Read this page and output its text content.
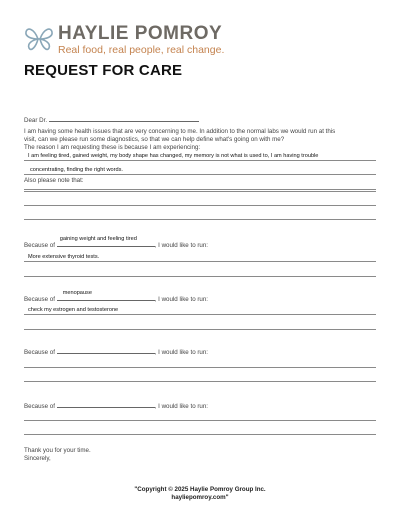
HAYLIE POMROY
Real food, real people, real change.
REQUEST FOR CARE
Dear Dr.
I am having some health issues that are very concerning to me. In addition to the normal labs we would run at this
visit, can we please run some diagnostics, so that we can help define what's going on with me?
The reason I am requesting these is because I am experiencing:
I am feeling tired, gained weight, my body shape has changed, my memory is not what is used to, I am having trouble
concentrating, finding the right words.
Also please note that:
Because of
gaining weight and feeling tired
, I would like to run:
More extensive thyroid tests.
Because of
menopause
, I would like to run:
check my estrogen and testosterone
Because of	, I would like to run:
Because of	, I would like to run:
Thank you for your time.
Sincerely,
"Copyright © 2025 Haylie Pomroy Group Inc.
hayliepomroy.com"
